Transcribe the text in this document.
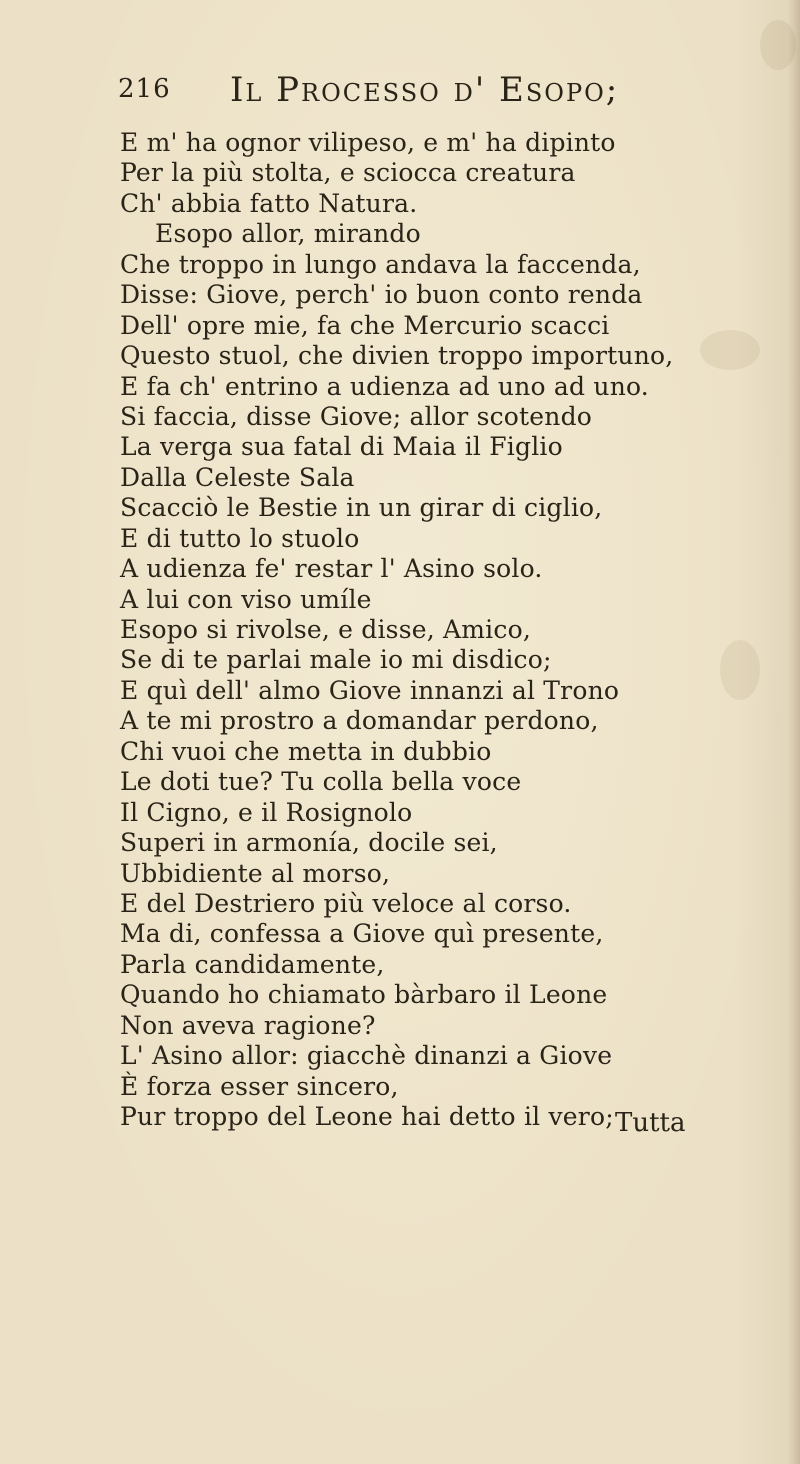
216 Il Processo d' Esopo;
E m' ha ognor vilipeso, e m' ha dipinto
Per la più stolta, e sciocca creatura
Ch' abbia fatto Natura.
Esopo allor, mirando
Che troppo in lungo andava la faccenda,
Disse: Giove, perch' io buon conto renda
Dell' opre mie, fa che Mercurio scacci
Questo stuol, che divien troppo importuno,
E fa ch' entrino a udienza ad uno ad uno.
Si faccia, disse Giove; allor scotendo
La verga sua fatal di Maia il Figlio
Dalla Celeste Sala
Scacciò le Bestie in un girar di ciglio,
E di tutto lo stuolo
A udienza fe' restar l' Asino solo.
A lui con viso umíle
Esopo si rivolse, e disse, Amico,
Se di te parlai male io mi disdico;
E quì dell' almo Giove innanzi al Trono
A te mi prostro a domandar perdono,
Chi vuoi che metta in dubbio
Le doti tue? Tu colla bella voce
Il Cigno, e il Rosignolo
Superi in armonía, docile sei,
Ubbidiente al morso,
E del Destriero più veloce al corso.
Ma di, confessa a Giove quì presente,
Parla candidamente,
Quando ho chiamato bàrbaro il Leone
Non aveva ragione?
L' Asino allor: giacchè dinanzi a Giove
È forza esser sincero,
Pur troppo del Leone hai detto il vero; Tutta
